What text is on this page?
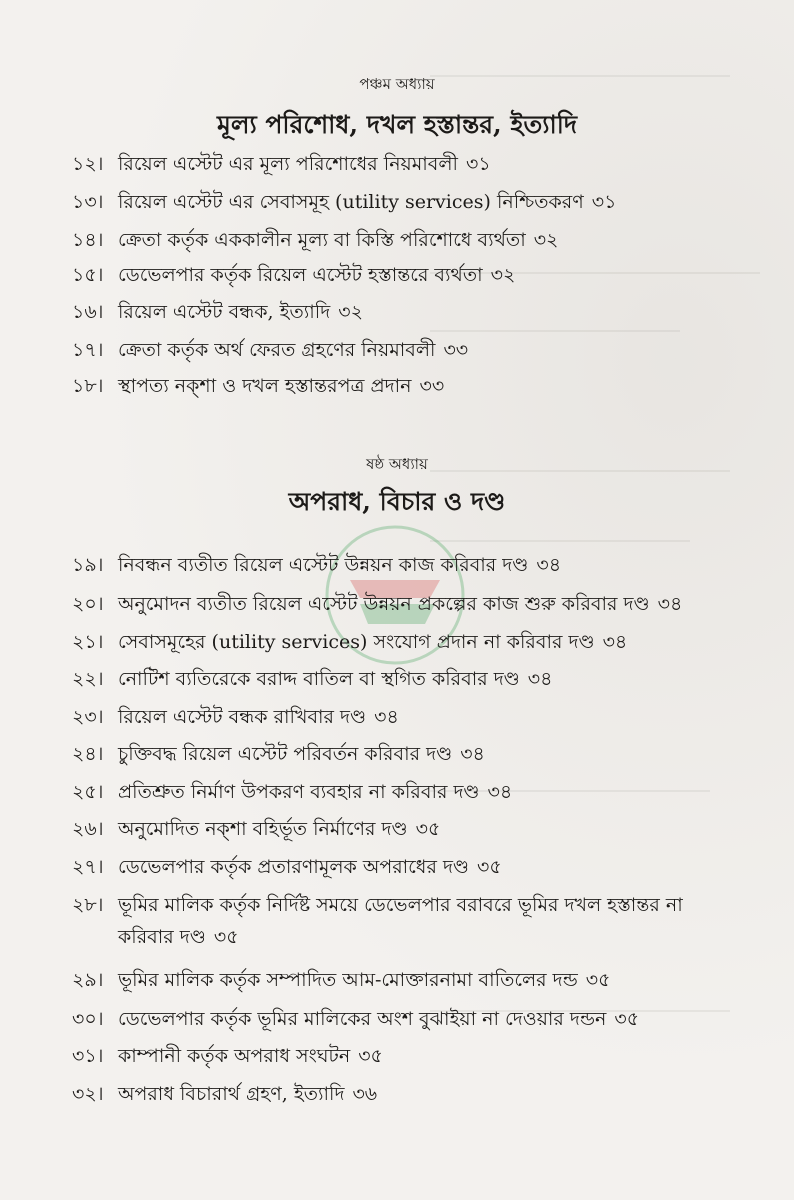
পঞ্চম অধ্যায়
মূল্য পরিশোধ, দখল হস্তান্তর, ইত্যাদি
১২। রিয়েল এস্টেট এর মূল্য পরিশোধের নিয়মাবলী ৩১
১৩। রিয়েল এস্টেট এর সেবাসমূহ (utility services) নিশ্চিতকরণ ৩১
১৪। ক্রেতা কর্তৃক এককালীন মূল্য বা কিস্তি পরিশোধে ব্যর্থতা ৩২
১৫। ডেভেলপার কর্তৃক রিয়েল এস্টেট হস্তান্তরে ব্যর্থতা ৩২
১৬। রিয়েল এস্টেট বন্ধক, ইত্যাদি ৩২
১৭। ক্রেতা কর্তৃক অর্থ ফেরত গ্রহণের নিয়মাবলী ৩৩
১৮। স্থাপত্য নক্‌শা ও দখল হস্তান্তরপত্র প্রদান ৩৩
ষষ্ঠ অধ্যায়
অপরাধ, বিচার ও দণ্ড
১৯। নিবন্ধন ব্যতীত রিয়েল এস্টেট উন্নয়ন কাজ করিবার দণ্ড ৩৪
২০। অনুমোদন ব্যতীত রিয়েল এস্টেট উন্নয়ন প্রকল্পের কাজ শুরু করিবার দণ্ড ৩৪
২১। সেবাসমূহের (utility services) সংযোগ প্রদান না করিবার দণ্ড ৩৪
২২। নোটিশ ব্যতিরেকে বরাদ্দ বাতিল বা স্থগিত করিবার দণ্ড ৩৪
২৩। রিয়েল এস্টেট বন্ধক রাখিবার দণ্ড ৩৪
২৪। চুক্তিবদ্ধ রিয়েল এস্টেট পরিবর্তন করিবার দণ্ড ৩৪
২৫। প্রতিশ্রুত নির্মাণ উপকরণ ব্যবহার না করিবার দণ্ড ৩৪
২৬। অনুমোদিত নক্‌শা বহির্ভূত নির্মাণের দণ্ড ৩৫
২৭। ডেভেলপার কর্তৃক প্রতারণামূলক অপরাধের দণ্ড ৩৫
২৮। ভূমির মালিক কর্তৃক নির্দিষ্ট সময়ে ডেভেলপার বরাবরে ভূমির দখল হস্তান্তর না করিবার দণ্ড ৩৫
২৯। ভূমির মালিক কর্তৃক সম্পাদিত আম-মোক্তারনামা বাতিলের দন্ড ৩৫
৩০। ডেভেলপার কর্তৃক ভূমির মালিকের অংশ বুঝাইয়া না দেওয়ার দন্ডন ৩৫
৩১। কাম্পানী কর্তৃক অপরাধ সংঘটন ৩৫
৩২। অপরাধ বিচারার্থ গ্রহণ, ইত্যাদি ৩৬
